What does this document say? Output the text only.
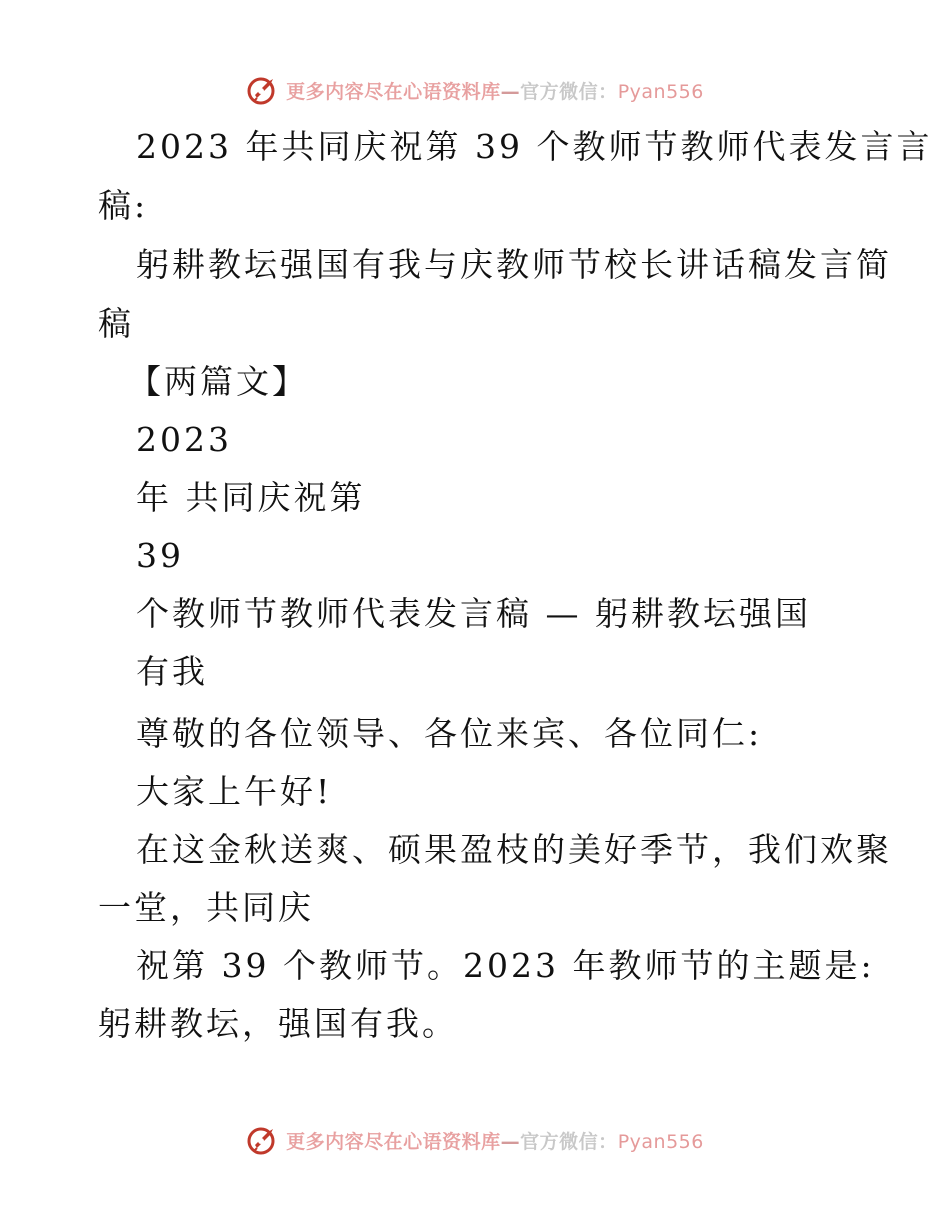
更多内容尽在心语资料库—官方微信：Pyan556
2023 年共同庆祝第 39 个教师节教师代表发言言
稿:
躬耕教坛强国有我与庆教师节校长讲话稿发言简
稿
【两篇文】
2023
年 共同庆祝第
39
个教师节教师代表发言稿 — 躬耕教坛强国
有我
尊敬的各位领导、各位来宾、各位同仁:
大家上午好!
在这金秋送爽、硕果盈枝的美好季节，我们欢聚
一堂，共同庆
祝第 39 个教师节。2023 年教师节的主题是:
躬耕教坛，强国有我。
更多内容尽在心语资料库—官方微信：Pyan556
